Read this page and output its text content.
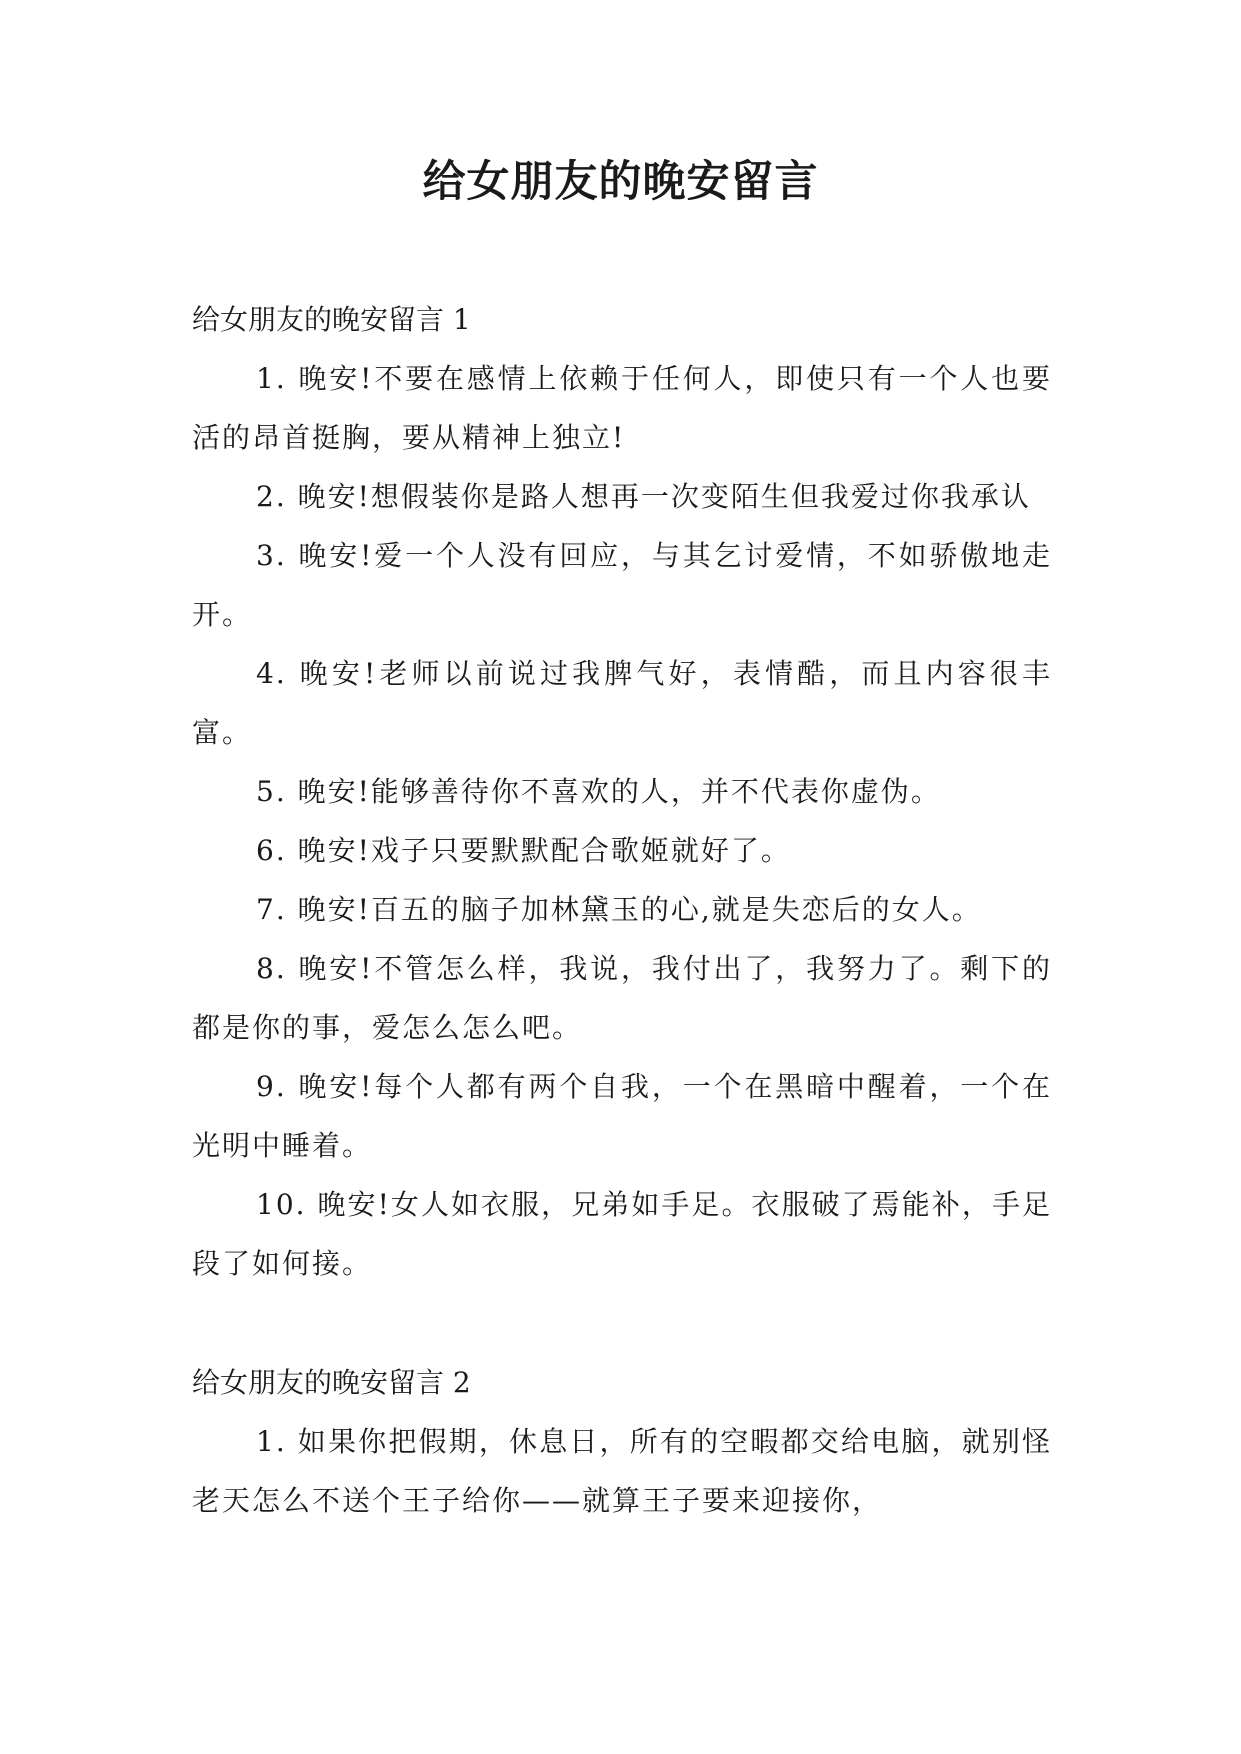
给女朋友的晚安留言

给女朋友的晚安留言 1

1. 晚安!不要在感情上依赖于任何人，即使只有一个人也要活的昂首挺胸，要从精神上独立!

2. 晚安!想假装你是路人想再一次变陌生但我爱过你我承认

3. 晚安!爱一个人没有回应，与其乞讨爱情，不如骄傲地走开。

4. 晚安!老师以前说过我脾气好，表情酷，而且内容很丰富。

5. 晚安!能够善待你不喜欢的人，并不代表你虚伪。

6. 晚安!戏子只要默默配合歌姬就好了。

7. 晚安!百五的脑子加林黛玉的心,就是失恋后的女人。

8. 晚安!不管怎么样，我说，我付出了，我努力了。剩下的都是你的事，爱怎么怎么吧。

9. 晚安!每个人都有两个自我，一个在黑暗中醒着，一个在光明中睡着。

10. 晚安!女人如衣服，兄弟如手足。衣服破了焉能补，手足段了如何接。

给女朋友的晚安留言 2

1. 如果你把假期，休息日，所有的空暇都交给电脑，就别怪老天怎么不送个王子给你——就算王子要来迎接你，
